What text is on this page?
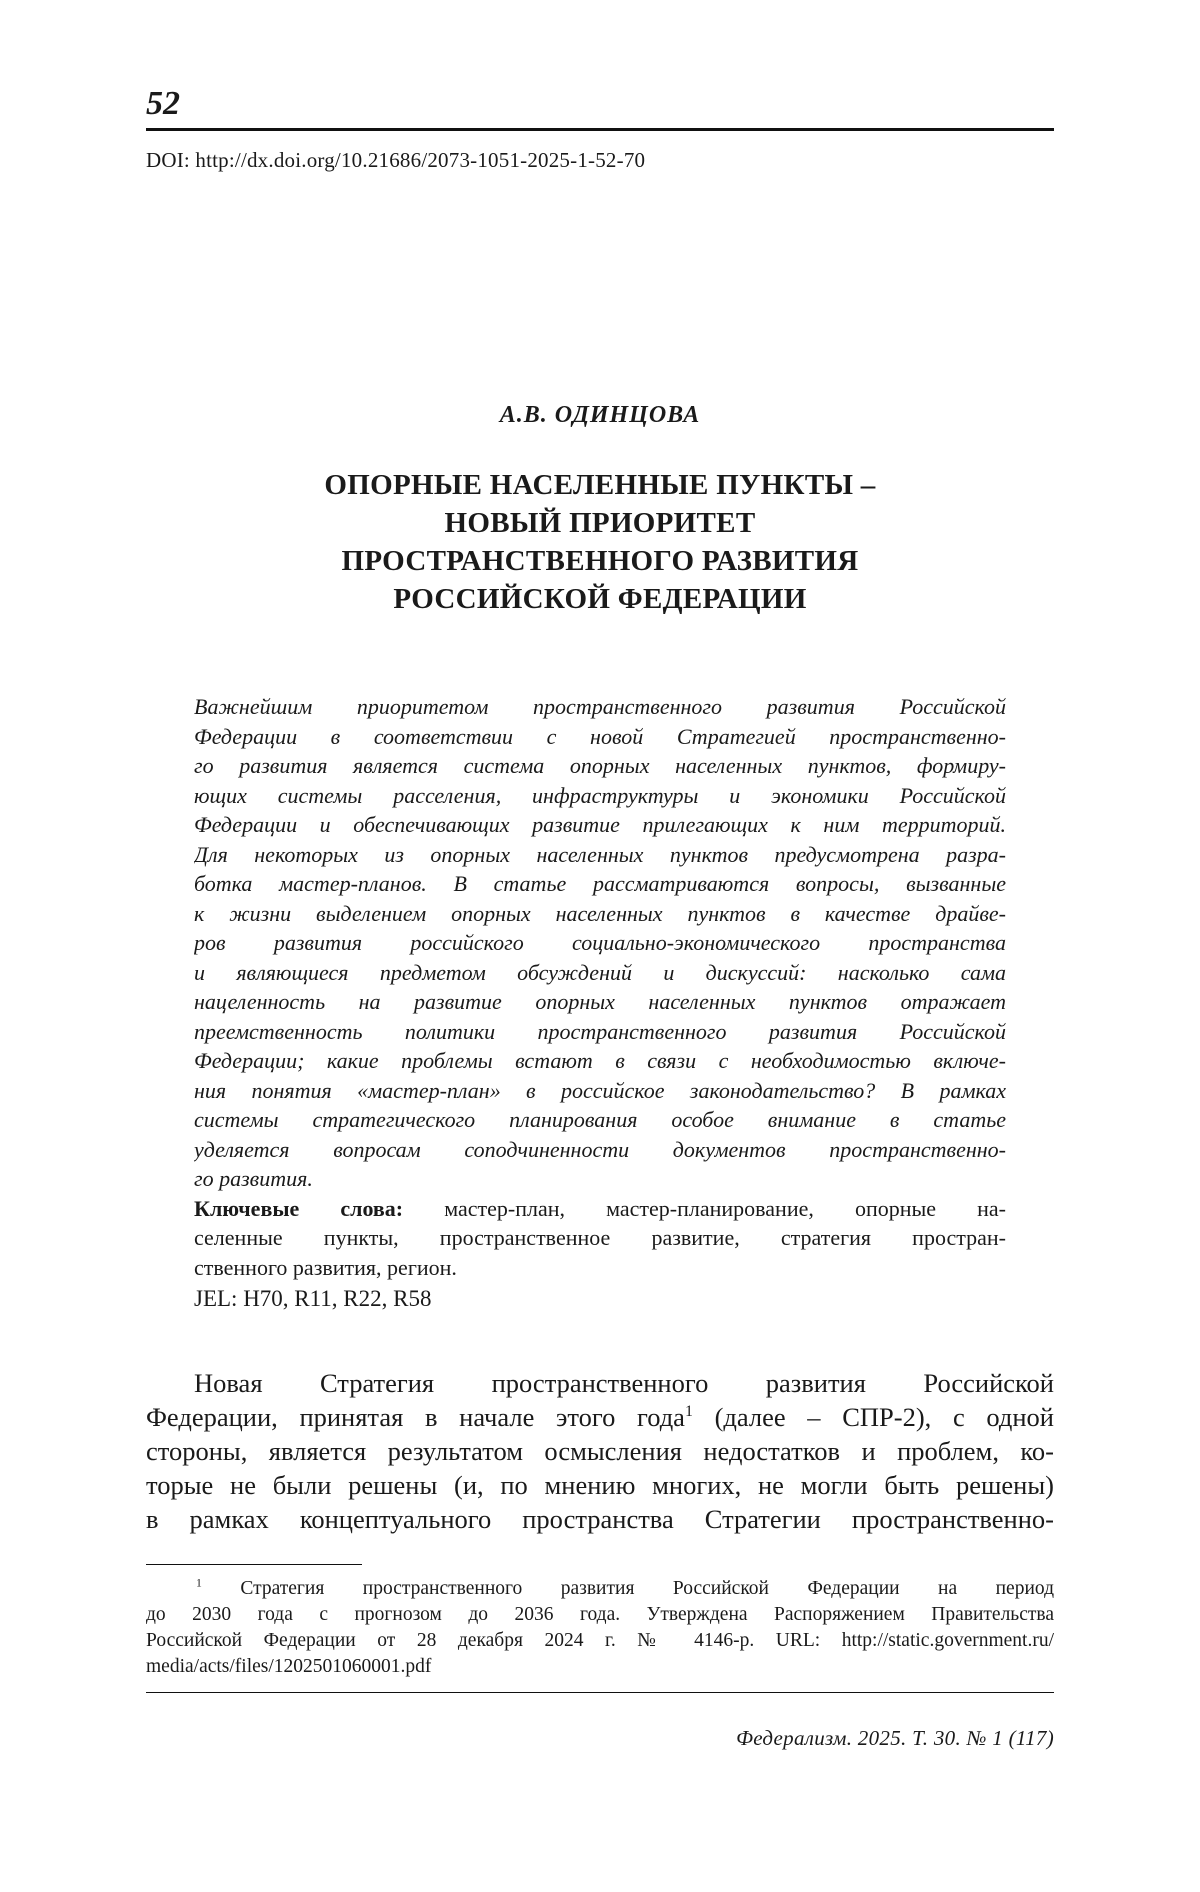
52
DOI: http://dx.doi.org/10.21686/2073-1051-2025-1-52-70
А.В. ОДИНЦОВА
ОПОРНЫЕ НАСЕЛЕННЫЕ ПУНКТЫ –
НОВЫЙ ПРИОРИТЕТ
ПРОСТРАНСТВЕННОГО РАЗВИТИЯ
РОССИЙСКОЙ ФЕДЕРАЦИИ
Важнейшим приоритетом пространственного развития Российской
Федерации в соответствии с новой Стратегией пространственно-
го развития является система опорных населенных пунктов, формиру-
ющих системы расселения, инфраструктуры и экономики Российской
Федерации и обеспечивающих развитие прилегающих к ним территорий.
Для некоторых из опорных населенных пунктов предусмотрена разра-
ботка мастер-планов. В статье рассматриваются вопросы, вызванные
к жизни выделением опорных населенных пунктов в качестве драйве-
ров развития российского социально-экономического пространства
и являющиеся предметом обсуждений и дискуссий: насколько сама
нацеленность на развитие опорных населенных пунктов отражает
преемственность политики пространственного развития Российской
Федерации; какие проблемы встают в связи с необходимостью включе-
ния понятия «мастер-план» в российское законодательство? В рамках
системы стратегического планирования особое внимание в статье
уделяется вопросам соподчиненности документов пространственно-
го развития.
Ключевые слова: мастер-план, мастер-планирование, опорные на-
селенные пункты, пространственное развитие, стратегия простран-
ственного развития, регион.
JEL: H70, R11, R22, R58
Новая Стратегия пространственного развития Российской
Федерации, принятая в начале этого года$^1$ (далее – СПР-2), с одной
стороны, является результатом осмысления недостатков и проблем, ко-
торые не были решены (и, по мнению многих, не могли быть решены)
в рамках концептуального пространства Стратегии пространственно-
$^1$ Стратегия пространственного развития Российской Федерации на период
до 2030 года с прогнозом до 2036 года. Утверждена Распоряжением Правительства
Российской Федерации от 28 декабря 2024 г. № 4146-р. URL: http://static.government.ru/
media/acts/files/1202501060001.pdf
Федерализм. 2025. Т. 30. № 1 (117)
